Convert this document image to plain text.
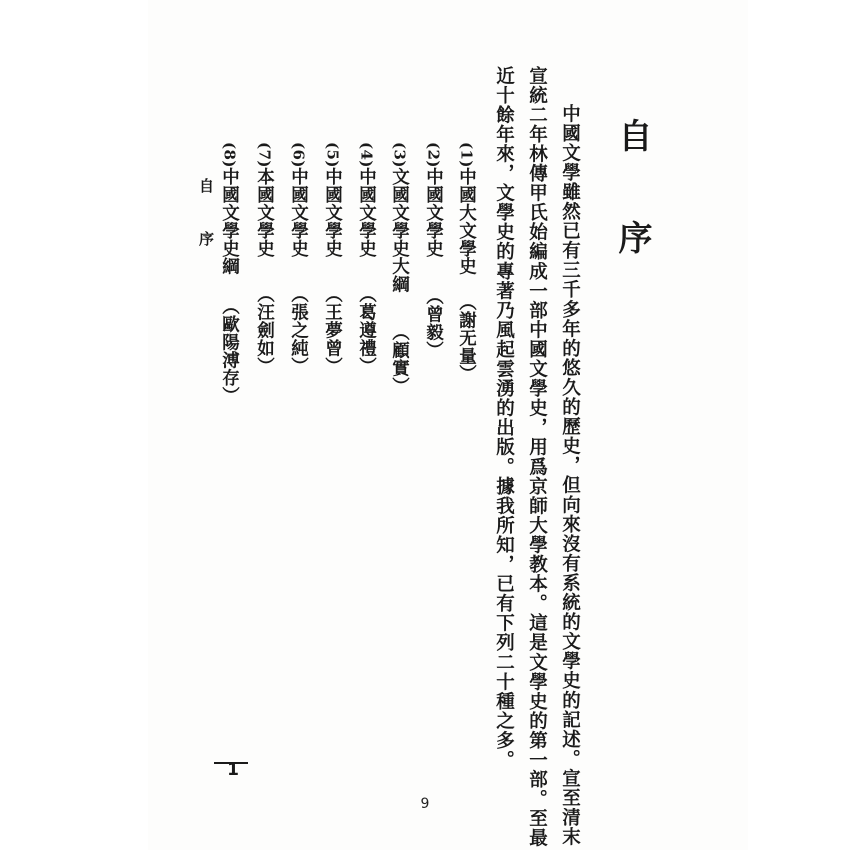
自 序
中國文學雖然已有三千多年的悠久的歷史，但向來沒有系統的文學史的記述。宣至清末
宣統二年林傳甲氏始編成一部中國文學史，用爲京師大學教本。這是文學史的第一部。至最
近十餘年來，文學史的專著乃風起雲湧的出版。據我所知，已有下列二十種之多。
(1)中國大文學史（謝无量）
(2)中國文學史（曾毅）
(3)文國文學史大綱（顧實）
(4)中國文學史（葛遵禮）
(5)中國文學史（王夢曾）
(6)中國文學史（張之純）
(7)本國文學史（汪劍如）
(8)中國文學史綱（歐陽溥存）
自 序
1
9
